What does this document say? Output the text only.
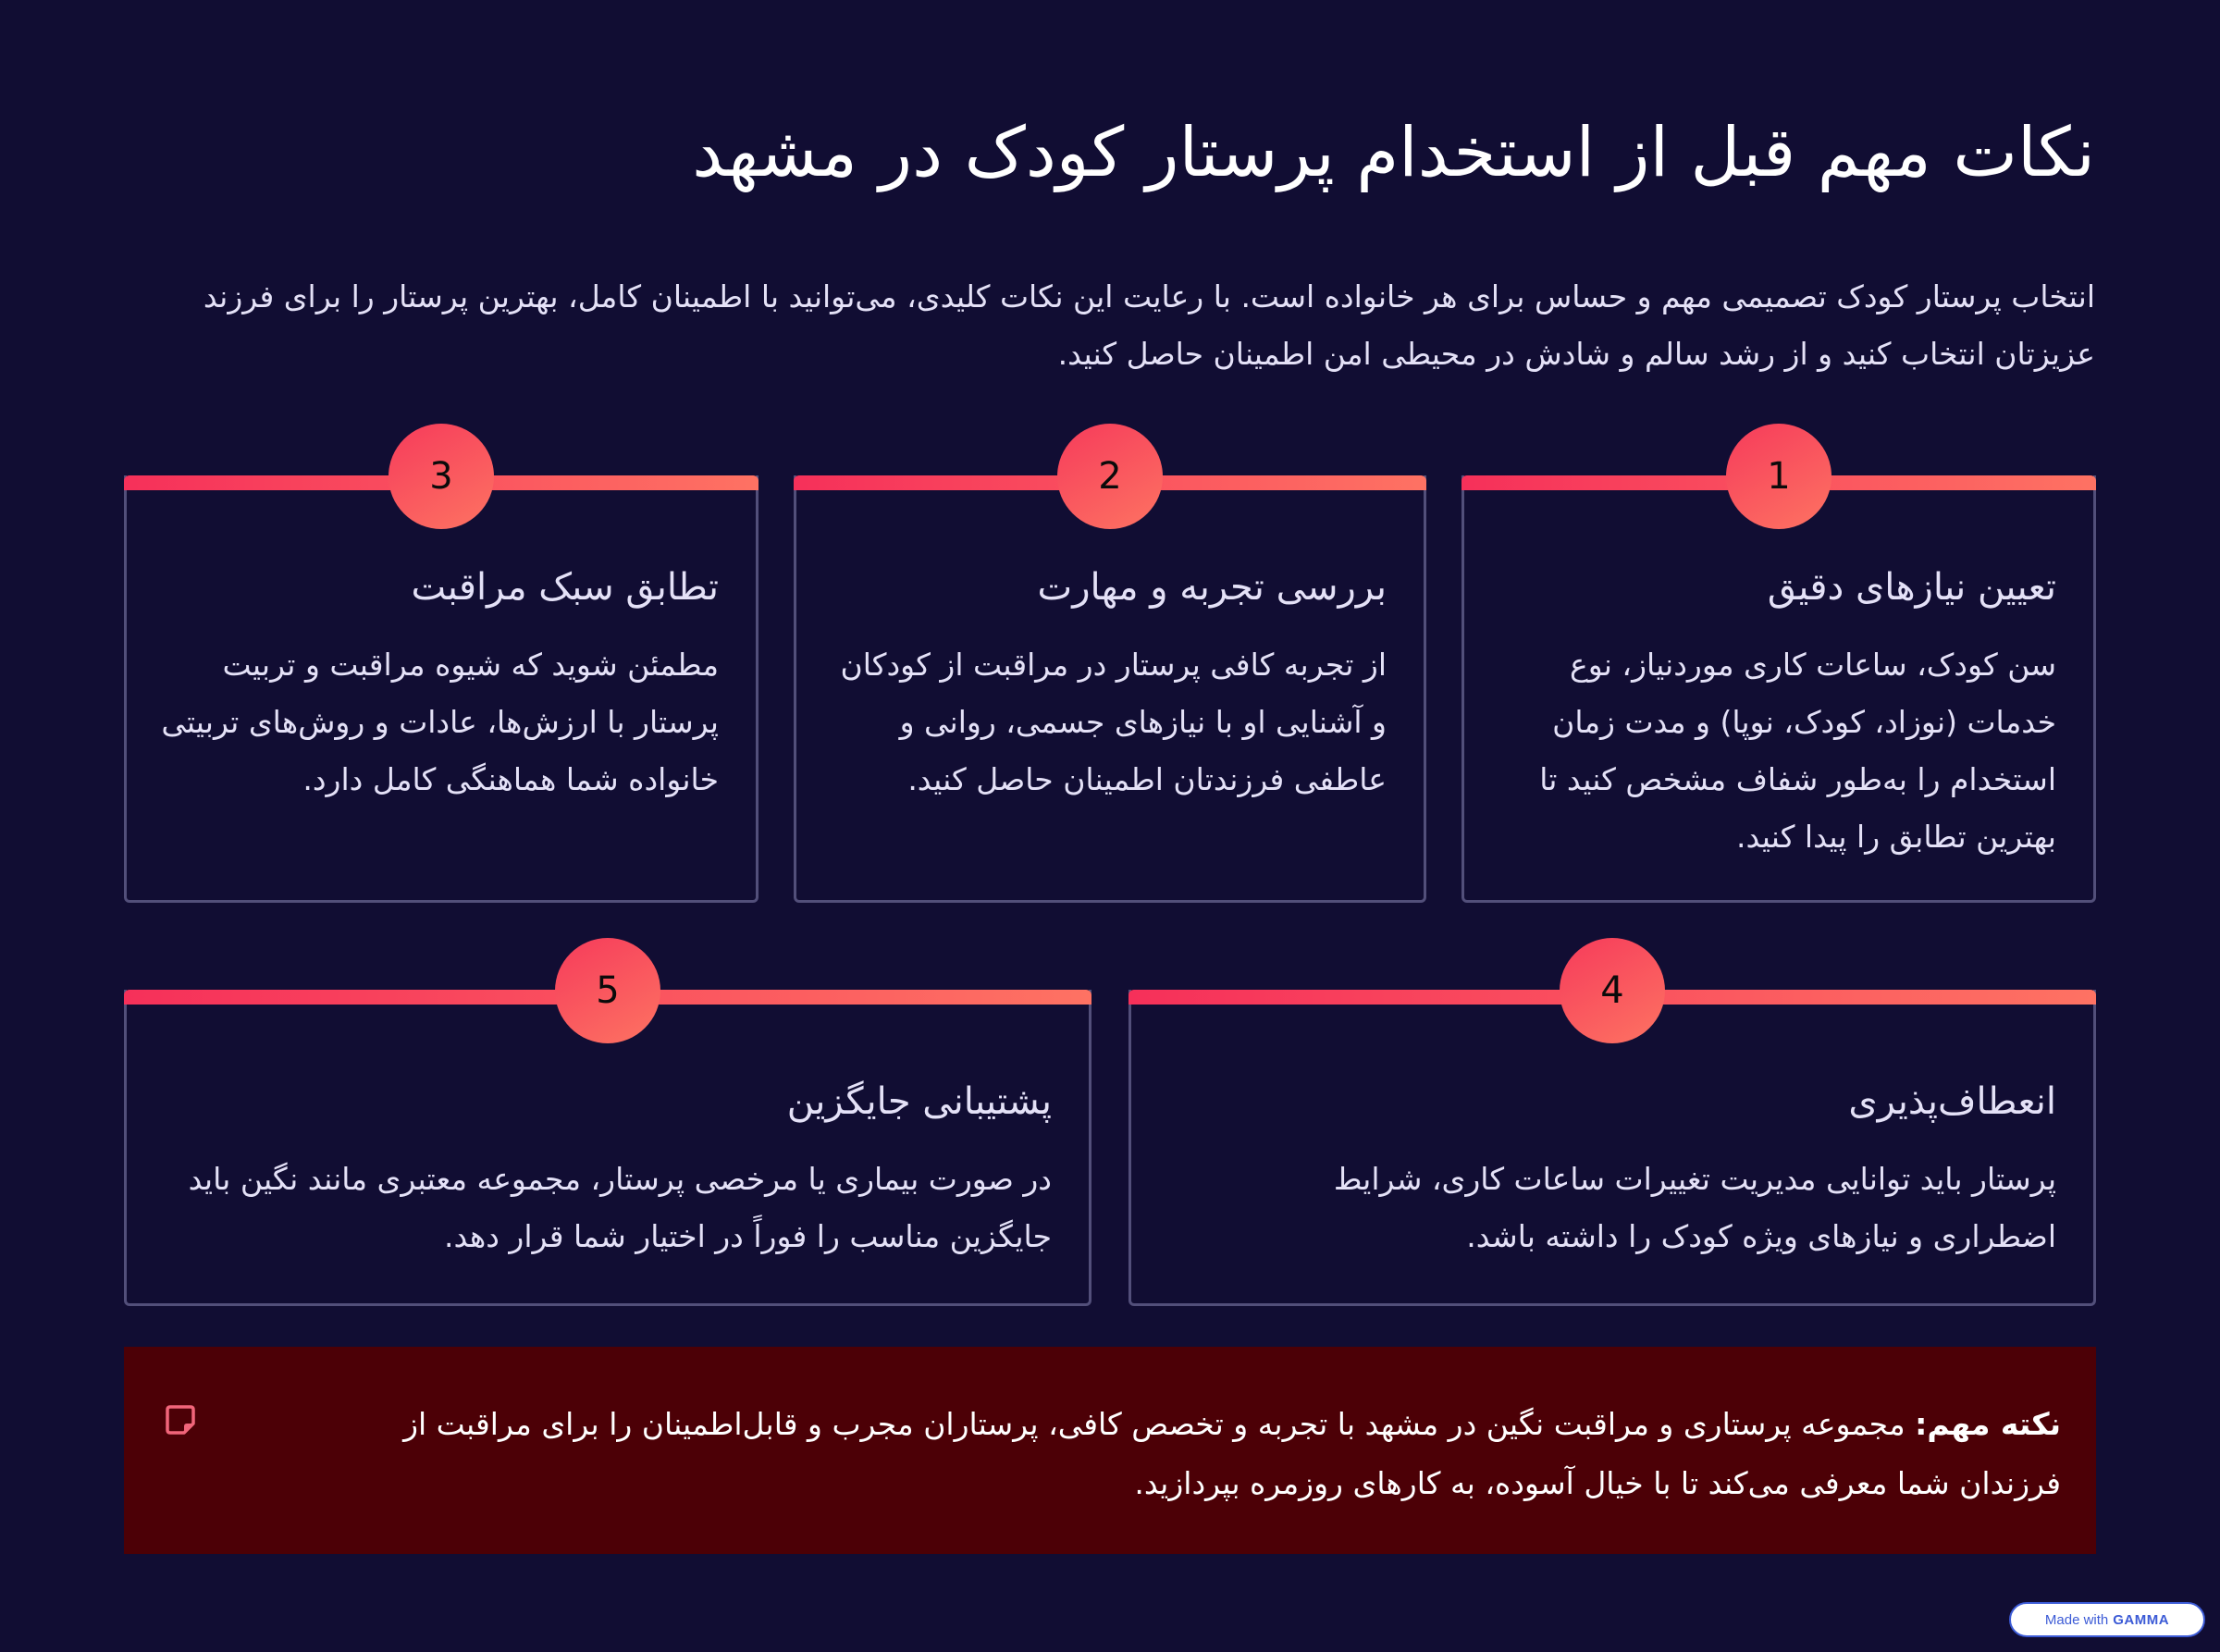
نکات مهم قبل از استخدام پرستار کودک در مشهد

انتخاب پرستار کودک تصمیمی مهم و حساس برای هر خانواده است. با رعایت این نکات کلیدی، می‌توانید با اطمینان کامل، بهترین پرستار را برای فرزند عزیزتان انتخاب کنید و از رشد سالم و شادش در محیطی امن اطمینان حاصل کنید.

3
تطابق سبک مراقبت

مطمئن شوید که شیوه مراقبت و تربیت پرستار با ارزش‌ها، عادات و روش‌های تربیتی خانواده شما هماهنگی کامل دارد.

2
بررسی تجربه و مهارت

از تجربه کافی پرستار در مراقبت از کودکان و آشنایی او با نیازهای جسمی، روانی و عاطفی فرزندتان اطمینان حاصل کنید.

1
تعیین نیازهای دقیق

سن کودک، ساعات کاری موردنیاز، نوع خدمات (نوزاد، کودک، نوپا) و مدت زمان استخدام را به‌طور شفاف مشخص کنید تا بهترین تطابق را پیدا کنید.

5
پشتیبانی جایگزین

در صورت بیماری یا مرخصی پرستار، مجموعه معتبری مانند نگین باید جایگزین مناسب را فوراً در اختیار شما قرار دهد.

4
انعطاف‌پذیری

پرستار باید توانایی مدیریت تغییرات ساعات کاری، شرایط اضطراری و نیازهای ویژه کودک را داشته باشد.

نکته مهم: مجموعه پرستاری و مراقبت نگین در مشهد با تجربه و تخصص کافی، پرستاران مجرب و قابل‌اطمینان را برای مراقبت از فرزندان شما معرفی می‌کند تا با خیال آسوده، به کارهای روزمره بپردازید.

Made with GAMMA
